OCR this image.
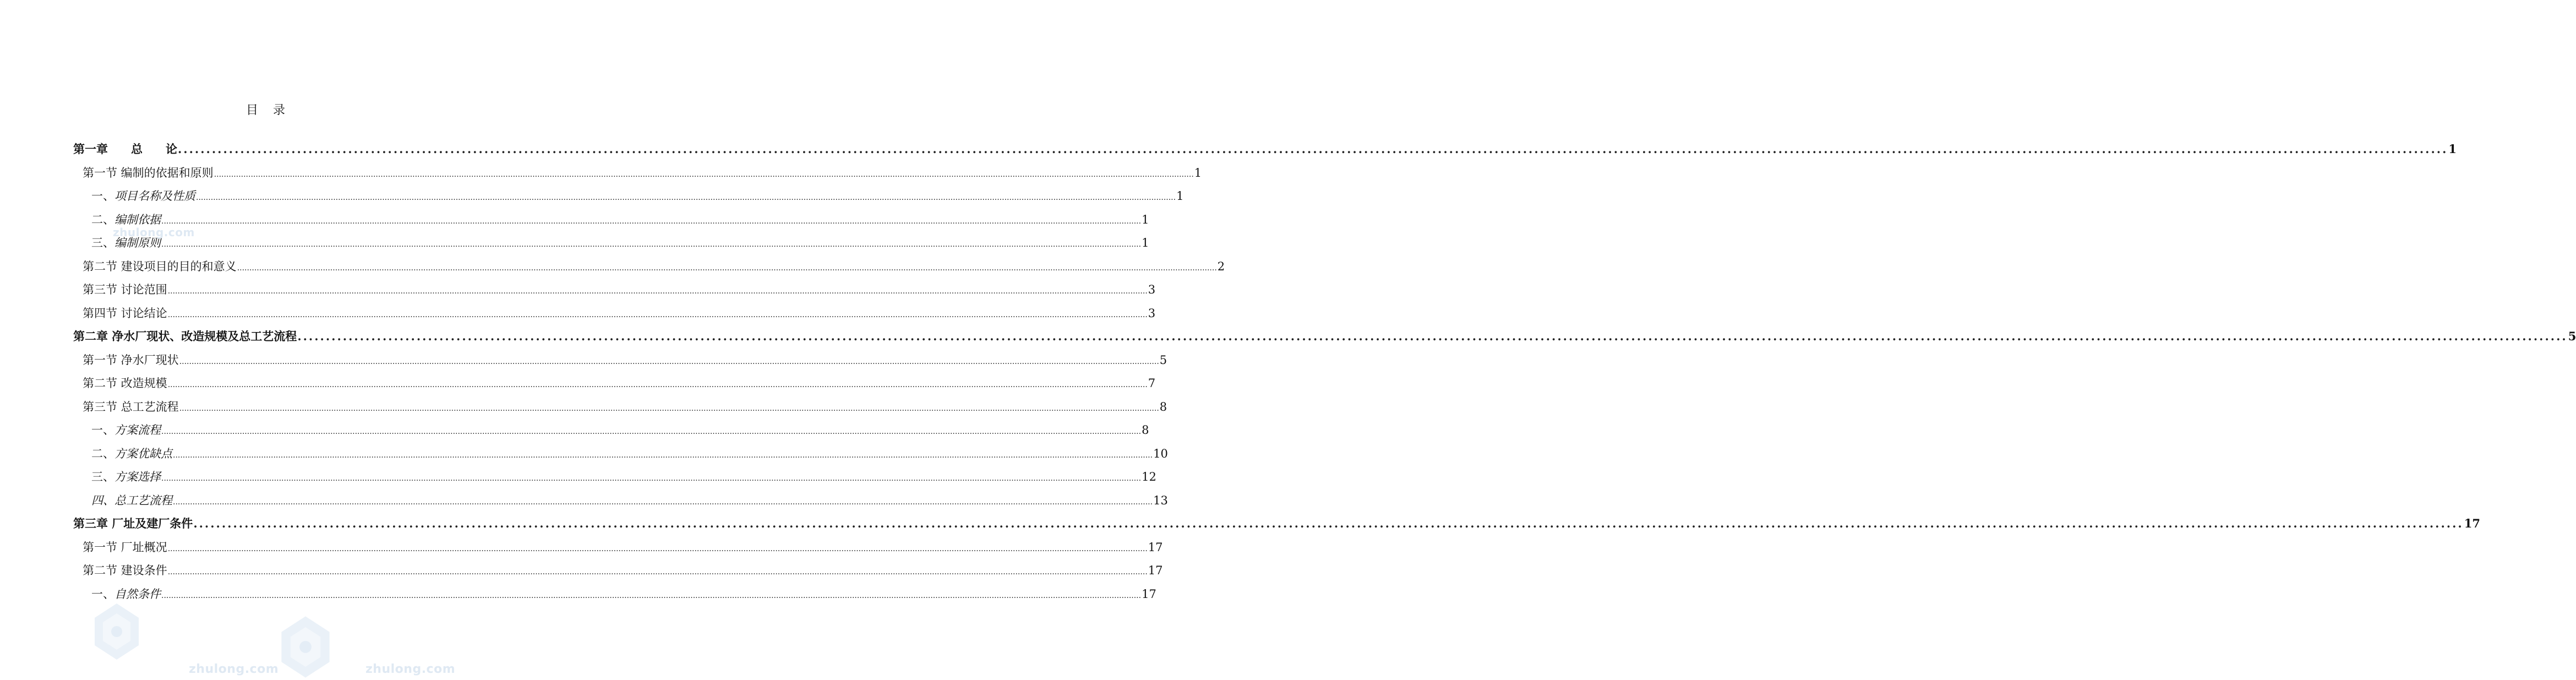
目 录
第一章　　总　　论 ................................................................................................................................................................................................................................................................................................................................................................................................................ 1
第一节 编制的依据和原则 ................................................................................................................................................................................................................................................................................................................................................................................................................ 1
一、项目名称及性质 ................................................................................................................................................................................................................................................................................................................................................................................................................ 1
二、编制依据 ................................................................................................................................................................................................................................................................................................................................................................................................................ 1
三、编制原则 ................................................................................................................................................................................................................................................................................................................................................................................................................ 1
第二节 建设项目的目的和意义 ................................................................................................................................................................................................................................................................................................................................................................................................................ 2
第三节 讨论范围 ................................................................................................................................................................................................................................................................................................................................................................................................................ 3
第四节 讨论结论 ................................................................................................................................................................................................................................................................................................................................................................................................................ 3
第二章 净水厂现状、改造规模及总工艺流程 ................................................................................................................................................................................................................................................................................................................................................................................................................ 5
第一节 净水厂现状 ................................................................................................................................................................................................................................................................................................................................................................................................................ 5
第二节 改造规模 ................................................................................................................................................................................................................................................................................................................................................................................................................ 7
第三节 总工艺流程 ................................................................................................................................................................................................................................................................................................................................................................................................................ 8
一、方案流程 ................................................................................................................................................................................................................................................................................................................................................................................................................ 8
二、方案优缺点 ................................................................................................................................................................................................................................................................................................................................................................................................................ 10
三、方案选择 ................................................................................................................................................................................................................................................................................................................................................................................................................ 12
四、总工艺流程 ................................................................................................................................................................................................................................................................................................................................................................................................................ 13
第三章 厂址及建厂条件 ................................................................................................................................................................................................................................................................................................................................................................................................................ 17
第一节 厂址概况 ................................................................................................................................................................................................................................................................................................................................................................................................................ 17
第二节 建设条件 ................................................................................................................................................................................................................................................................................................................................................................................................................ 17
一、自然条件 ................................................................................................................................................................................................................................................................................................................................................................................................................ 17
zhulong.com
zhulong.com	zhulong.com
